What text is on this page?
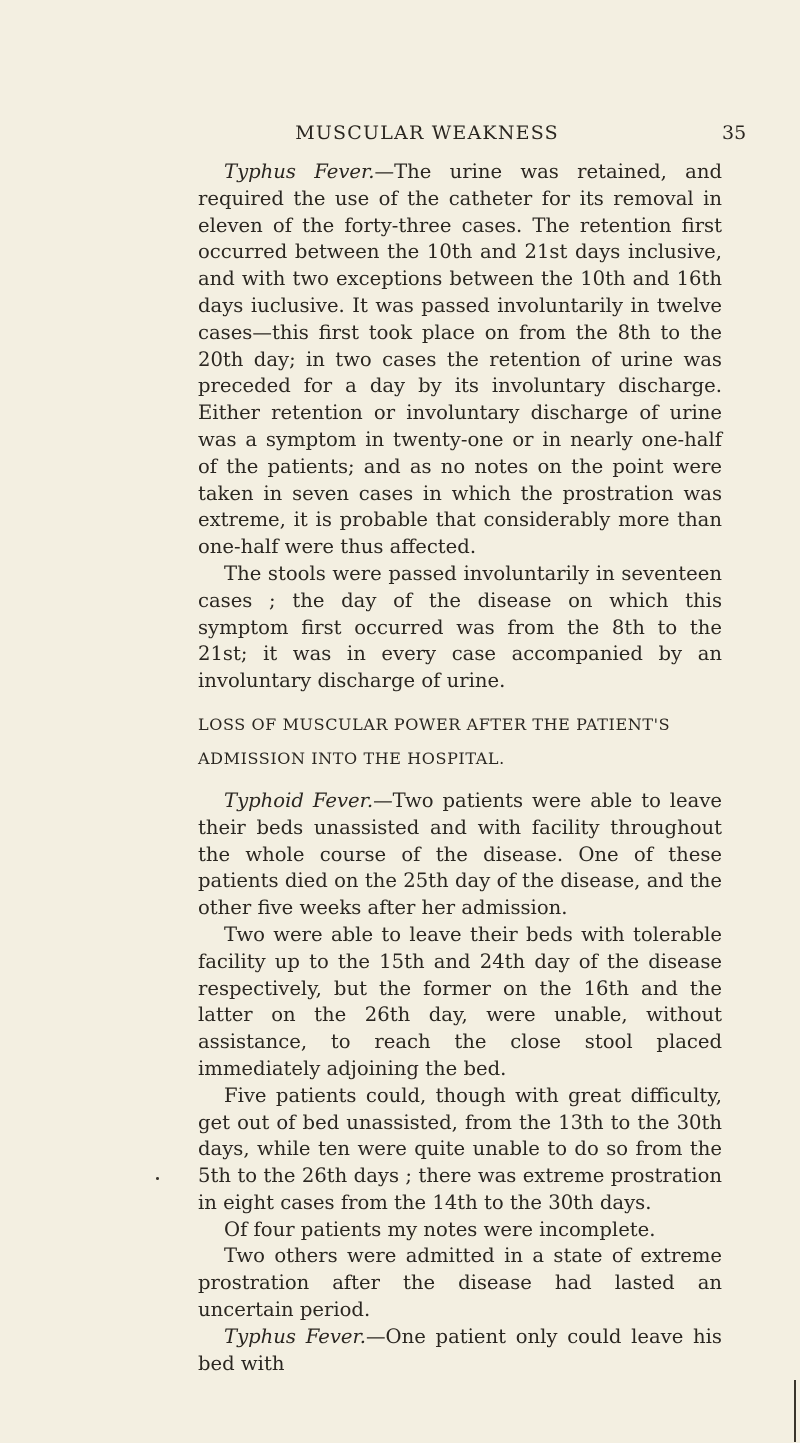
MUSCULAR WEAKNESS	35

Typhus Fever.—The urine was retained, and required the use of the catheter for its removal in eleven of the forty-three cases. The retention first occurred between the 10th and 21st days inclusive, and with two exceptions between the 10th and 16th days iuclusive. It was passed involuntarily in twelve cases—this first took place on from the 8th to the 20th day; in two cases the retention of urine was preceded for a day by its involuntary discharge. Either retention or involuntary discharge of urine was a symptom in twenty-one or in nearly one-half of the patients; and as no notes on the point were taken in seven cases in which the prostration was extreme, it is probable that considerably more than one-half were thus affected.

The stools were passed involuntarily in seventeen cases ; the day of the disease on which this symptom first occurred was from the 8th to the 21st; it was in every case accompanied by an involuntary discharge of urine.

LOSS OF MUSCULAR POWER AFTER THE PATIENT'S

ADMISSION INTO THE HOSPITAL.

Typhoid Fever.—Two patients were able to leave their beds unassisted and with facility throughout the whole course of the disease. One of these patients died on the 25th day of the disease, and the other five weeks after her admission.

Two were able to leave their beds with tolerable facility up to the 15th and 24th day of the disease respectively, but the former on the 16th and the latter on the 26th day, were unable, without assistance, to reach the close stool placed immediately adjoining the bed.

Five patients could, though with great difficulty, get out of bed unassisted, from the 13th to the 30th days, while ten were quite unable to do so from the 5th to the 26th days ; there was extreme prostration in eight cases from the 14th to the 30th days.

Of four patients my notes were incomplete.

Two others were admitted in a state of extreme prostration after the disease had lasted an uncertain period.

Typhus Fever.—One patient only could leave his bed with
